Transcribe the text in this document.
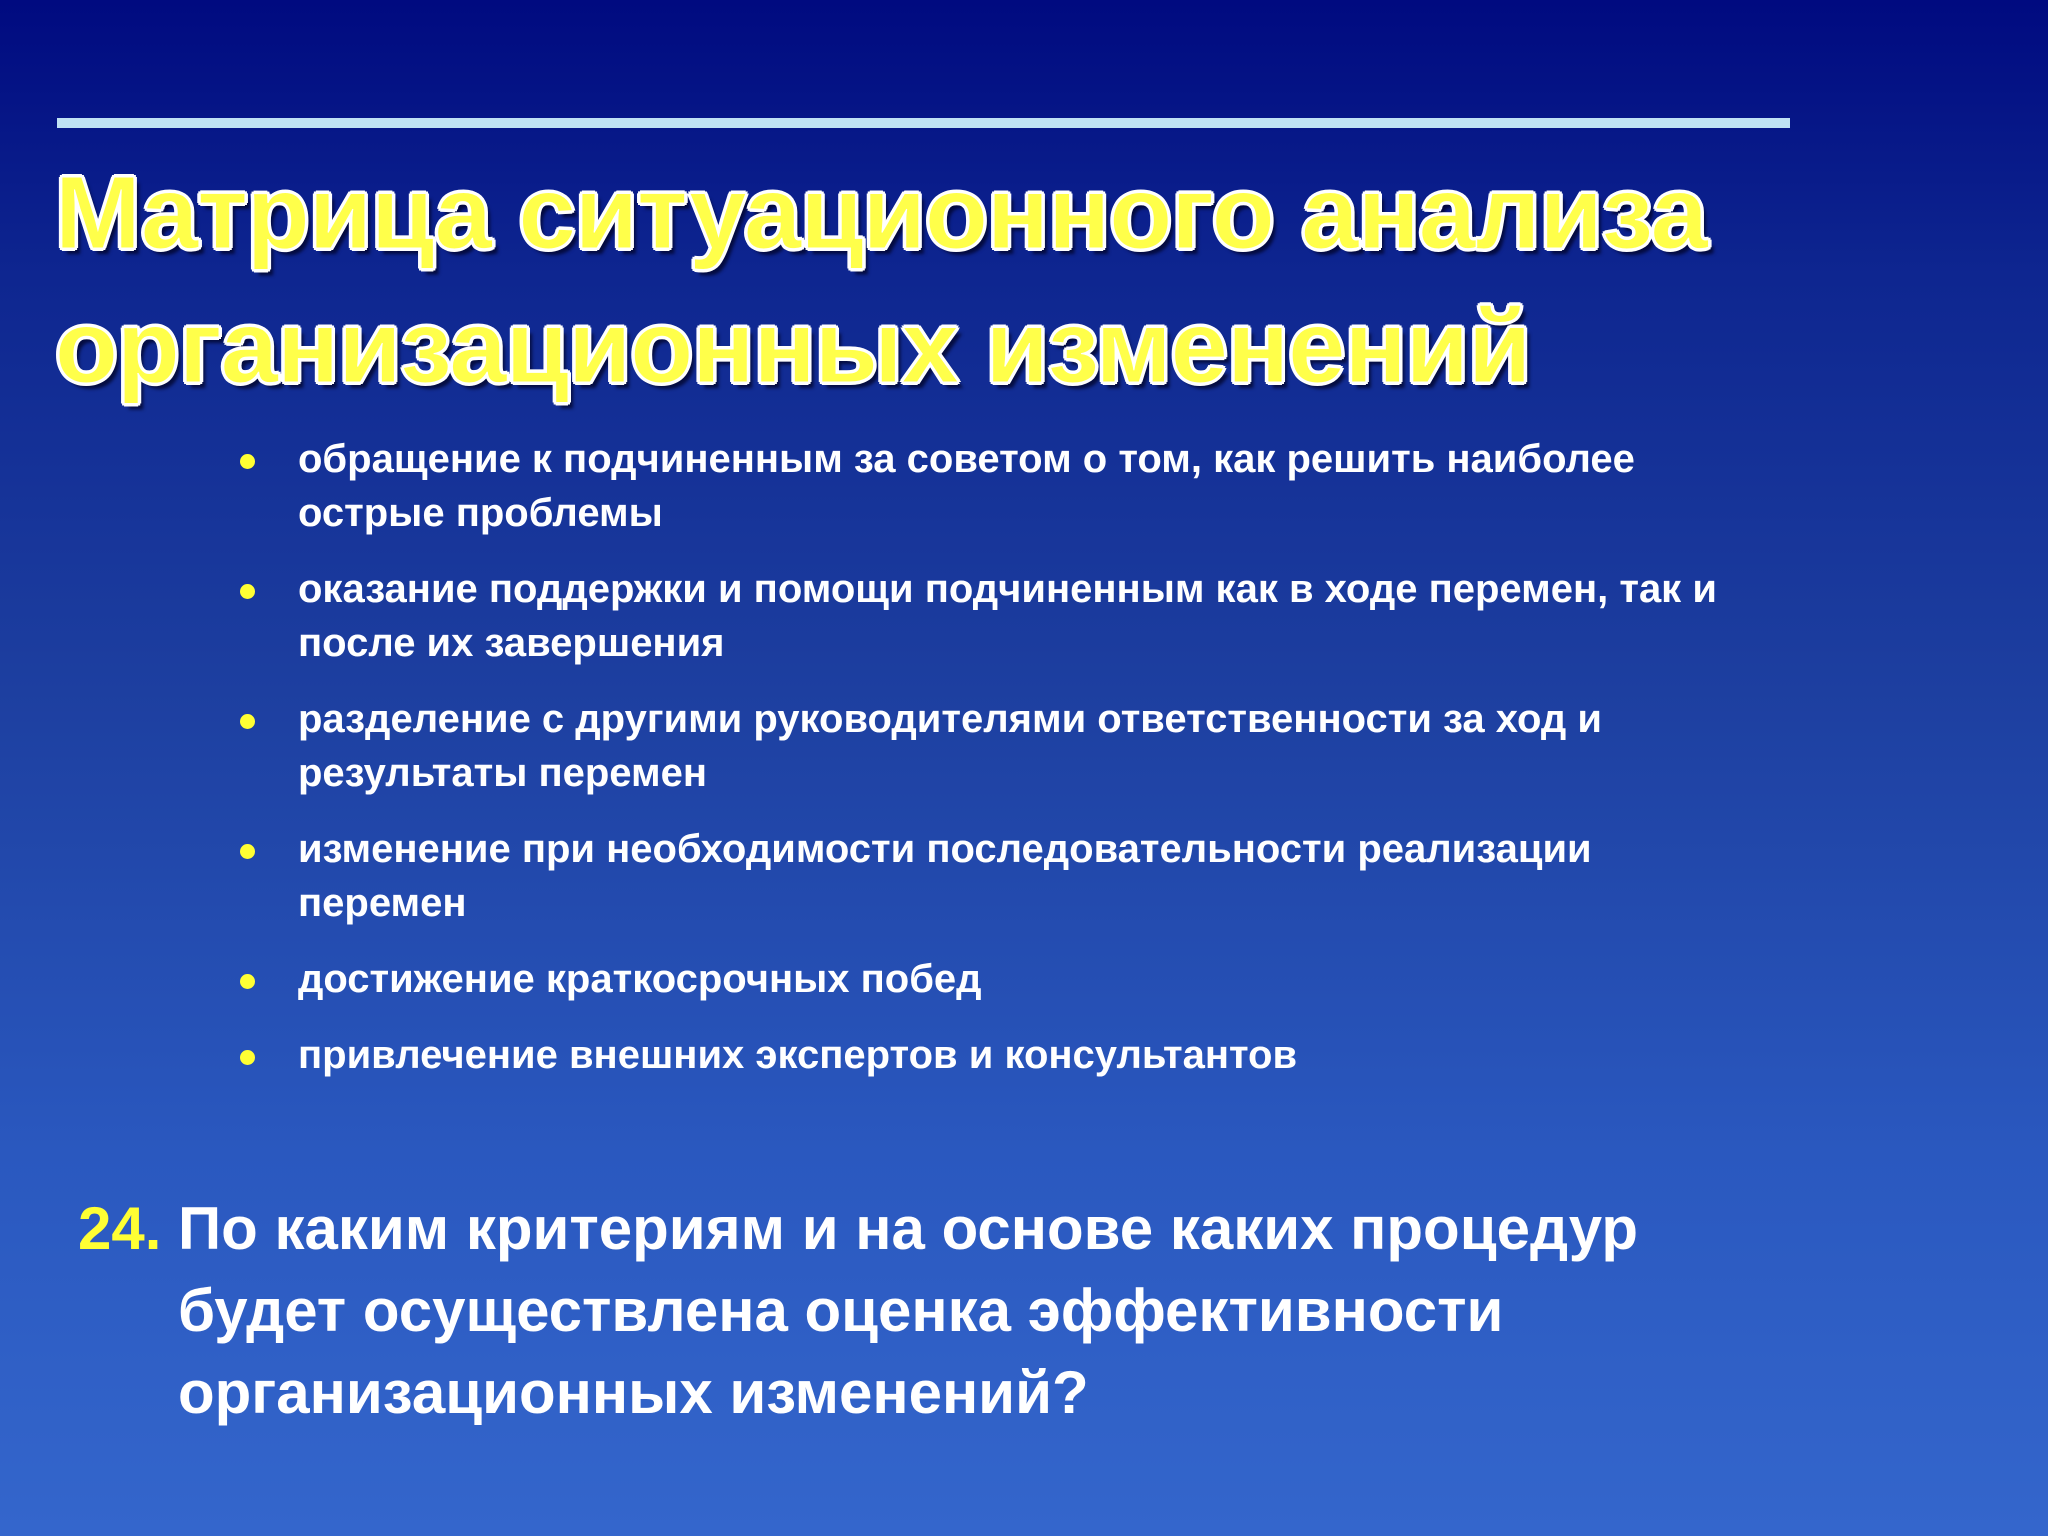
Матрица ситуационного анализа
организационных изменений
обращение к подчиненным за советом о том, как решить наиболее
острые проблемы
оказание поддержки и помощи подчиненным как в ходе перемен, так и
после их завершения
разделение с другими руководителями ответственности за ход и
результаты перемен
изменение при необходимости последовательности реализации
перемен
достижение краткосрочных побед
привлечение внешних экспертов и консультантов
24. По каким критериям и на основе каких процедур
будет осуществлена оценка эффективности
организационных изменений?
